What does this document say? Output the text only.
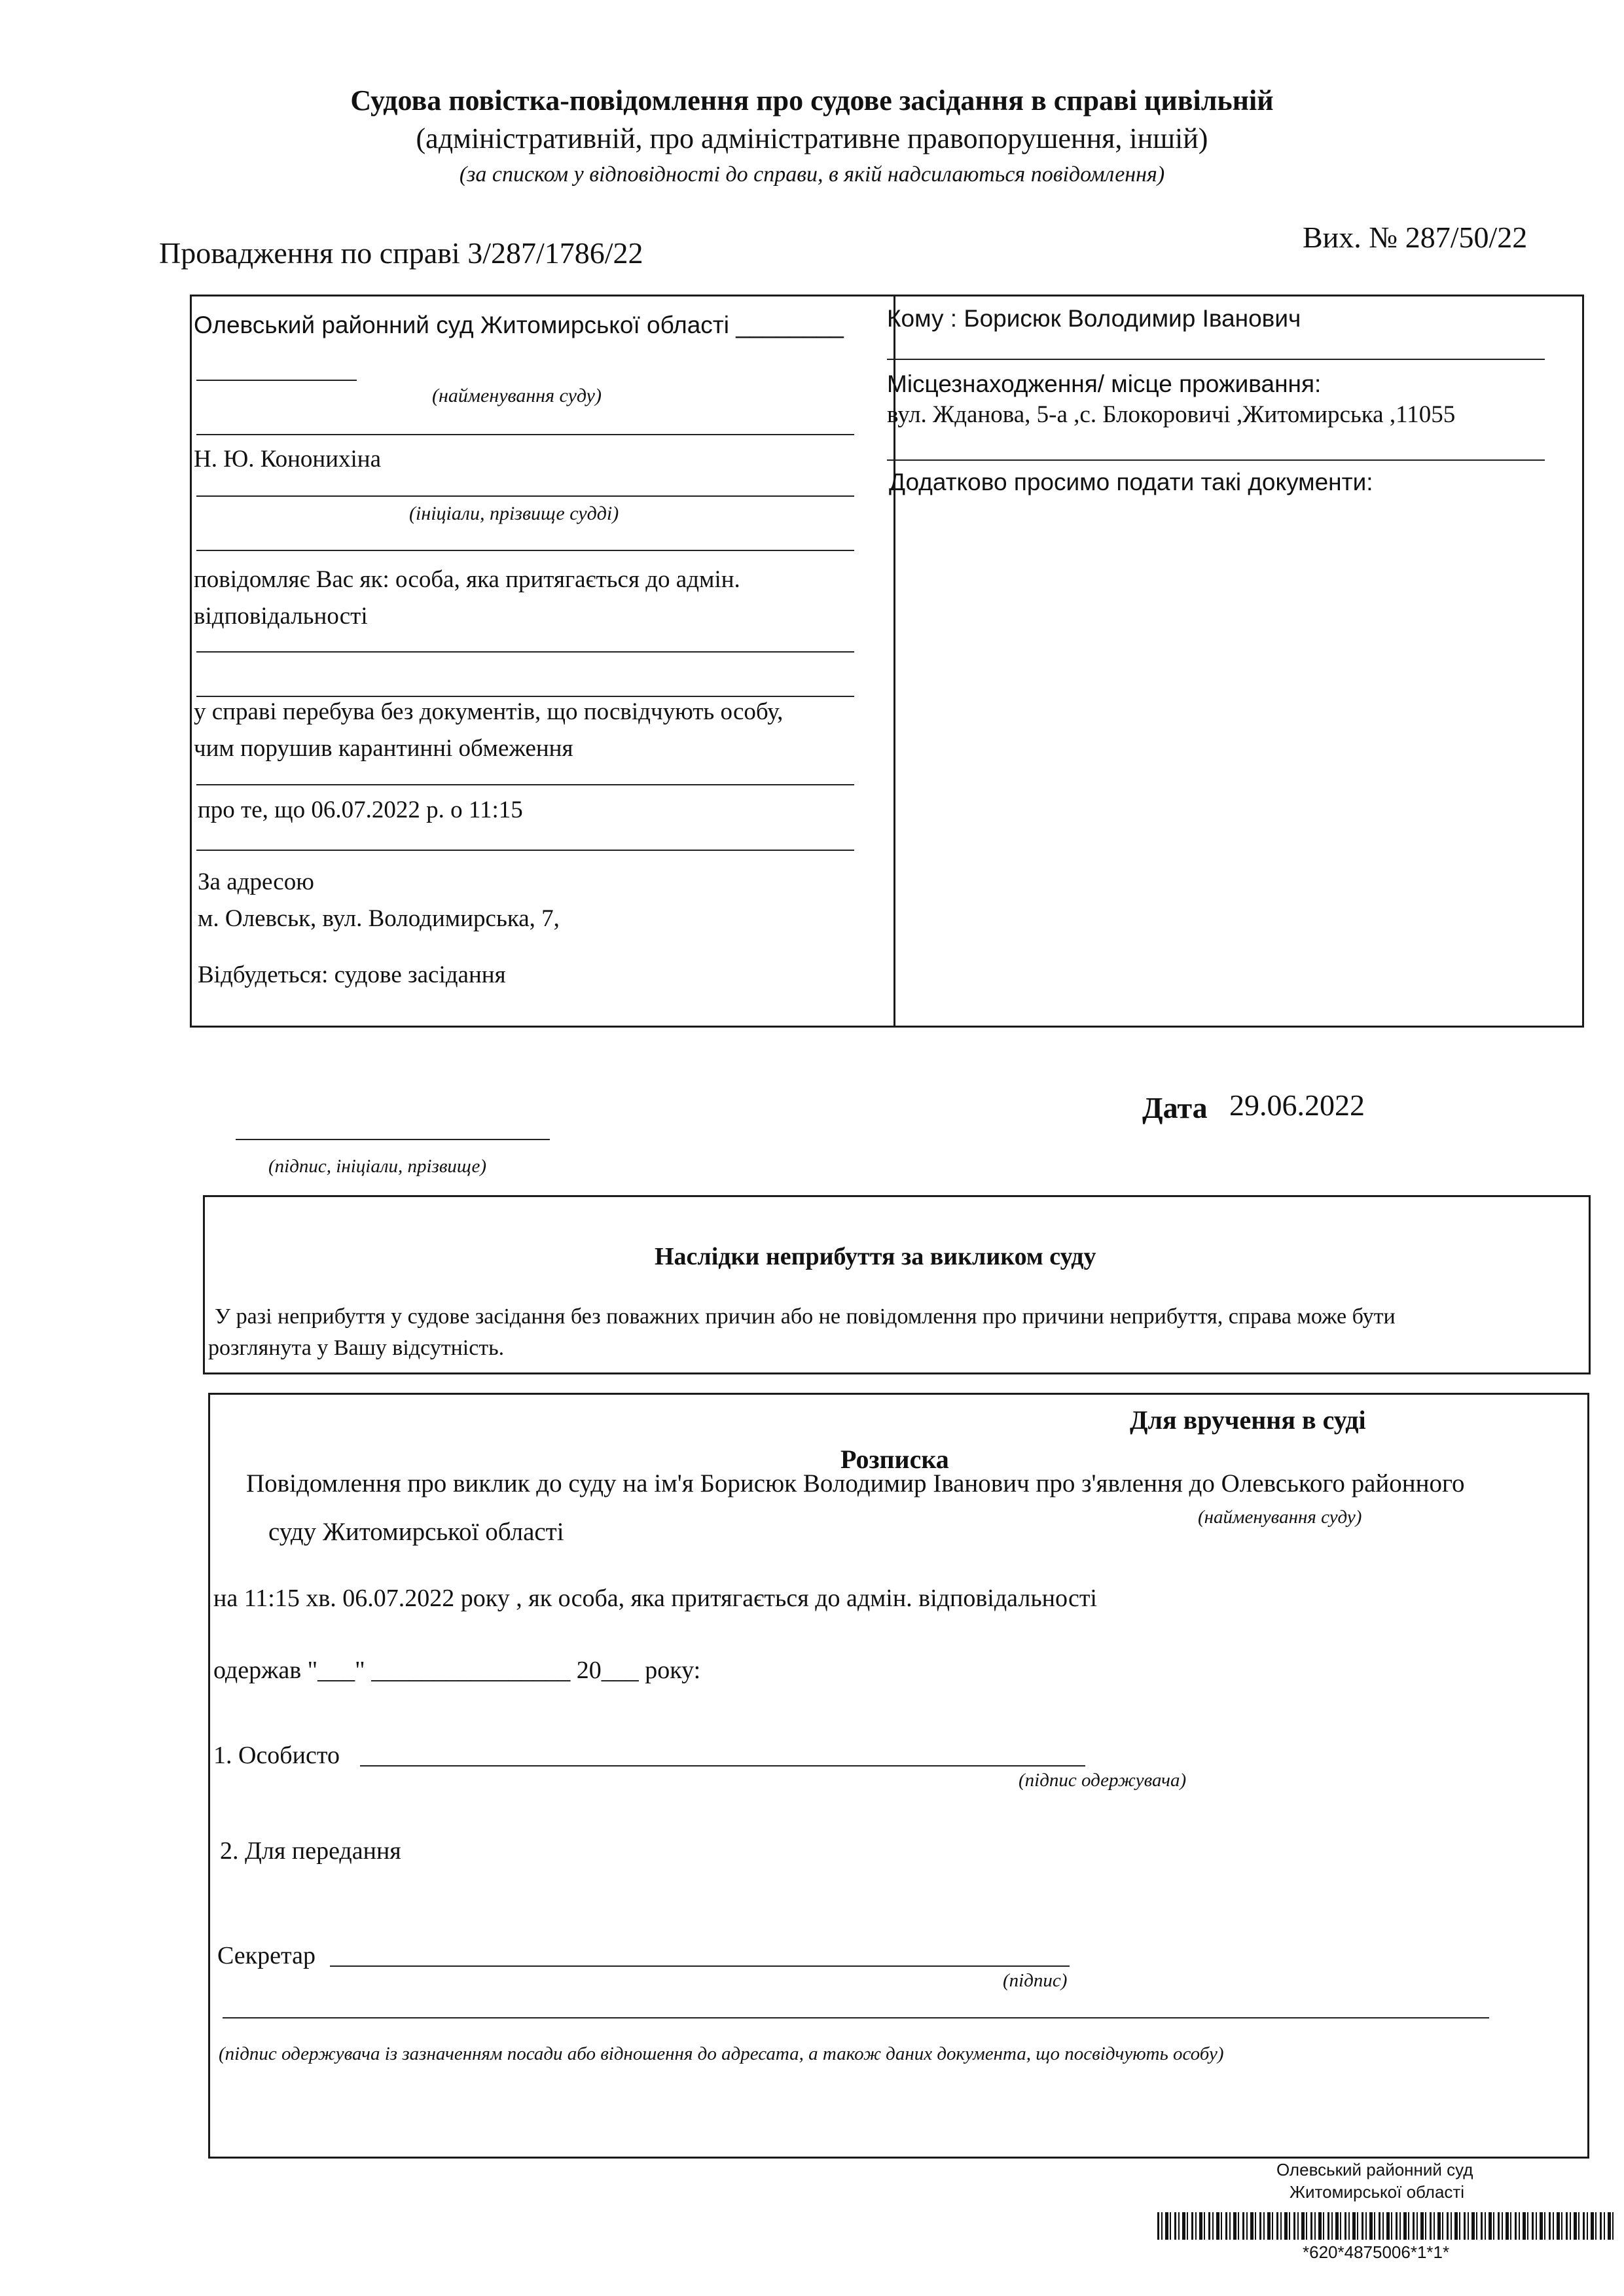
Судова повістка-повідомлення про судове засідання в справі цивільній
(адміністративній, про адміністративне правопорушення, іншій)
(за списком у відповідності до справи, в якій надсилаються повідомлення)
Провадження по справі 3/287/1786/22	Вих. № 287/50/22
Олевський районний суд Житомирської області ________
(найменування суду)
Н. Ю. Кононихіна
(ініціали, прізвище судді)
повідомляє Вас як: особа, яка притягається до адмін.
відповідальності
у справі перебува без документів, що посвідчують особу,
чим порушив карантинні обмеження
про те, що 06.07.2022 р. о 11:15
За адресою
м. Олевськ, вул. Володимирська, 7,
Відбудеться: судове засідання
Кому : Борисюк Володимир Іванович
Місцезнаходження/ місце проживання:
вул. Жданова, 5-а ,с. Блокоровичі ,Житомирська ,11055
Додатково просимо подати такі документи:
(підпис, ініціали, прізвище)
Дата 29.06.2022
Наслідки неприбуття за викликом суду
У разі неприбуття у судове засідання без поважних причин або не повідомлення про причини неприбуття, справа може бути
розглянута у Вашу відсутність.
Для вручення в суді
Розписка
Повідомлення про виклик до суду на ім'я Борисюк Володимир Іванович про з'явлення до Олевського районного
(найменування суду)
суду Житомирської області
на 11:15 хв. 06.07.2022 року , як особа, яка притягається до адмін. відповідальності
одержав "___" ________________ 20___ року:
1. Особисто
(підпис одержувача)
2. Для передання
Секретар
(підпис)
(підпис одержувача із зазначенням посади або відношення до адресата, а також даних документа, що посвідчують особу)
Олевський районний суд
Житомирської області
*620*4875006*1*1*
